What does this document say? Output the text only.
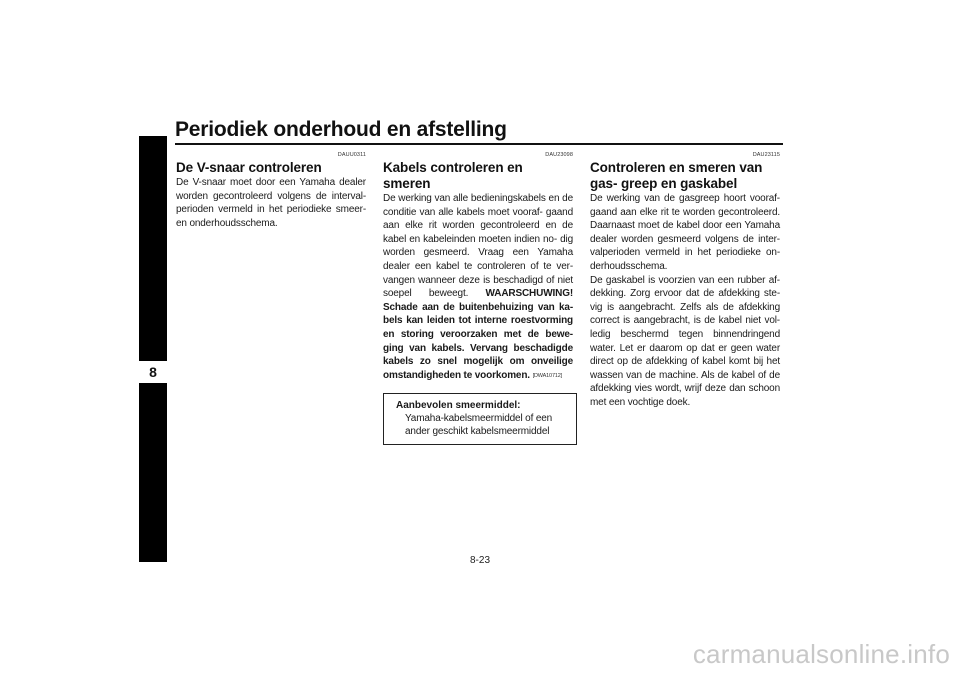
Periodiek onderhoud en afstelling
8
DAUU0311
De V-snaar controleren

De V-snaar moet door een Yamaha dealer worden gecontroleerd volgens de interval- perioden vermeld in het periodieke smeer- en onderhoudsschema.

DAU23098
Kabels controleren en smeren

De werking van alle bedieningskabels en de conditie van alle kabels moet vooraf- gaand aan elke rit worden gecontroleerd en de kabel en kabeleinden moeten indien no- dig worden gesmeerd. Vraag een Yamaha dealer een kabel te controleren of te ver- vangen wanneer deze is beschadigd of niet soepel beweegt. WAARSCHUWING! Schade aan de buitenbehuizing van ka- bels kan leiden tot interne roestvorming en storing veroorzaken met de bewe- ging van kabels. Vervang beschadigde kabels zo snel mogelijk om onveilige omstandigheden te voorkomen. [DWA10712]

Aanbevolen smeermiddel:
Yamaha-kabelsmeermiddel of een ander geschikt kabelsmeermiddel
DAU23115
Controleren en smeren van gas- greep en gaskabel

De werking van de gasgreep hoort vooraf- gaand aan elke rit te worden gecontroleerd. Daarnaast moet de kabel door een Yamaha dealer worden gesmeerd volgens de inter- valperioden vermeld in het periodieke on- derhoudsschema.

De gaskabel is voorzien van een rubber af- dekking. Zorg ervoor dat de afdekking ste- vig is aangebracht. Zelfs als de afdekking correct is aangebracht, is de kabel niet vol- ledig beschermd tegen binnendringend water. Let er daarom op dat er geen water direct op de afdekking of kabel komt bij het wassen van de machine. Als de kabel of de afdekking vies wordt, wrijf deze dan schoon met een vochtige doek.

8-23
carmanualsonline.info
